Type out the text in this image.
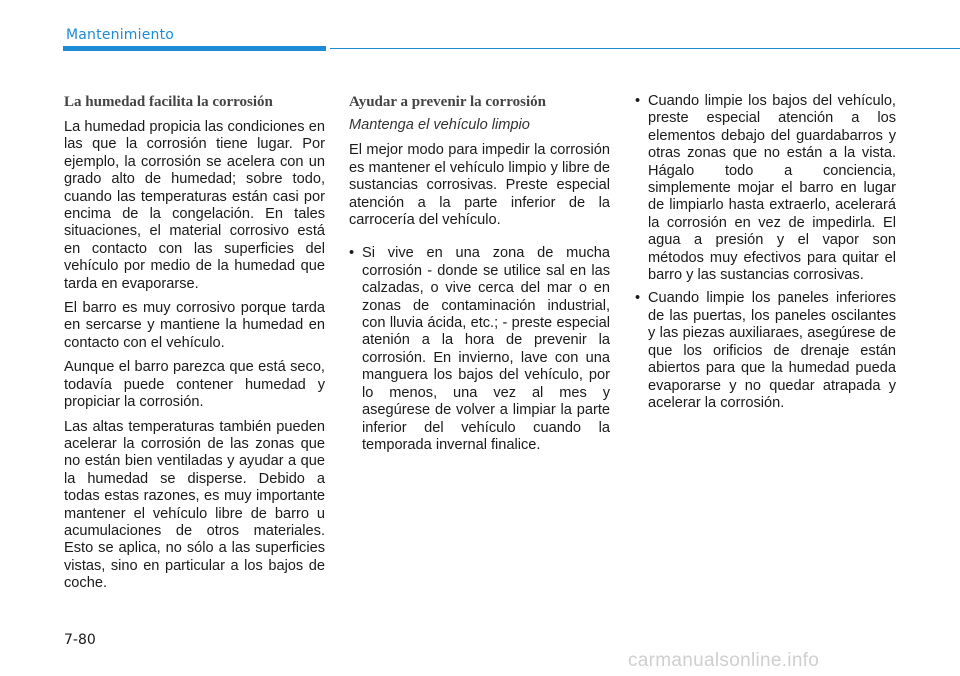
Mantenimiento
La humedad facilita la corrosión

La humedad propicia las condiciones en las que la corrosión tiene lugar. Por ejemplo, la corrosión se acelera con un grado alto de humedad; sobre todo, cuando las temperaturas están casi por encima de la congelación. En tales situaciones, el material corrosivo está en contacto con las superficies del vehículo por medio de la humedad que tarda en evaporarse.

El barro es muy corrosivo porque tarda en sercarse y mantiene la humedad en contacto con el vehículo.

Aunque el barro parezca que está seco, todavía puede contener humedad y propiciar la corrosión.

Las altas temperaturas también pueden acelerar la corrosión de las zonas que no están bien ventiladas y ayudar a que la humedad se disperse. Debido a todas estas razones, es muy importante mantener el vehículo libre de barro u acumulaciones de otros materiales. Esto se aplica, no sólo a las superficies vistas, sino en particular a los bajos de coche.

Ayudar a prevenir la corrosión

Mantenga el vehículo limpio

El mejor modo para impedir la corrosión es mantener el vehículo limpio y libre de sustancias corrosivas. Preste especial atención a la parte inferior de la carrocería del vehículo.

• Si vive en una zona de mucha corrosión - donde se utilice sal en las calzadas, o vive cerca del mar o en zonas de contaminación industrial, con lluvia ácida, etc.; - preste especial atenión a la hora de prevenir la corrosión. En invierno, lave con una manguera los bajos del vehículo, por lo menos, una vez al mes y asegúrese de volver a limpiar la parte inferior del vehículo cuando la temporada invernal finalice.
• Cuando limpie los bajos del vehículo, preste especial atención a los elementos debajo del guardabarros y otras zonas que no están a la vista. Hágalo todo a conciencia, simplemente mojar el barro en lugar de limpiarlo hasta extraerlo, acelerará la corrosión en vez de impedirla. El agua a presión y el vapor son métodos muy efectivos para quitar el barro y las sustancias corrosivas.
• Cuando limpie los paneles inferiores de las puertas, los paneles oscilantes y las piezas auxiliaraes, asegúrese de que los orificios de drenaje están abiertos para que la humedad pueda evaporarse y no quedar atrapada y acelerar la corrosión.
7-80
carmanualsonline.info
